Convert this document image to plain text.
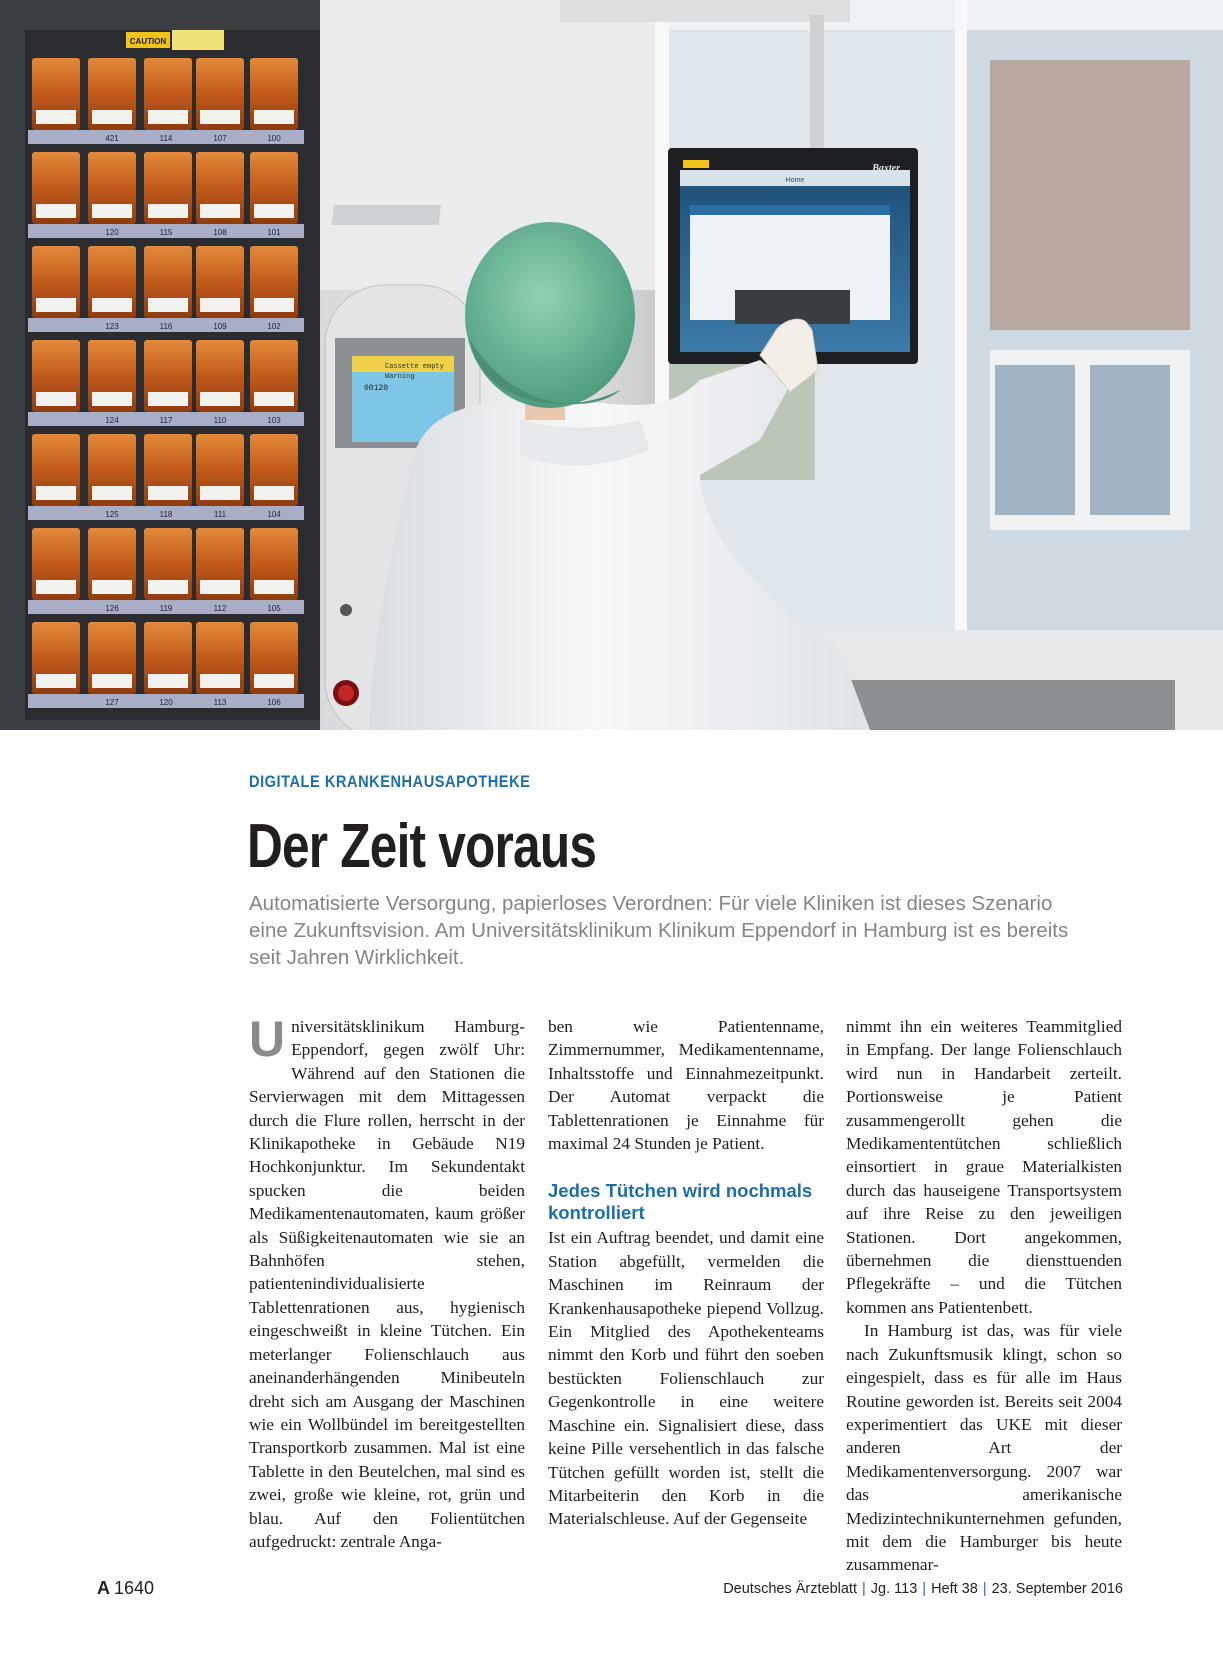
421	114	107	100
120	115	108	101
123	116	109	102
124	117	110	103
125	118	111	104
126	119	112	105
127	120	113	106
CAUTION
Cassette empty
Warning
00120
Baxter
Home
DIGITALE KRANKENHAUSAPOTHEKE
Der Zeit voraus
Automatisierte Versorgung, papierloses Verordnen: Für viele Kliniken ist dieses Szenario eine Zukunftsvision. Am Universitätsklinikum Klinikum Eppendorf in Hamburg ist es bereits seit Jahren Wirklichkeit.
U niversitätsklinikum Hamburg-Eppendorf, gegen zwölf Uhr: Während auf den Stationen die Servierwagen mit dem Mittagessen durch die Flure rollen, herrscht in der Klinikapotheke in Gebäude N19 Hochkonjunktur. Im Sekundentakt spucken die beiden Medikamentenautomaten, kaum größer als Süßigkeitenautomaten wie sie an Bahnhöfen stehen, patientenindividualisierte Tablettenrationen aus, hygienisch eingeschweißt in kleine Tütchen. Ein meterlanger Folienschlauch aus aneinanderhängenden Minibeuteln dreht sich am Ausgang der Maschinen wie ein Wollbündel im bereitgestellten Transportkorb zusammen. Mal ist eine Tablette in den Beutelchen, mal sind es zwei, große wie kleine, rot, grün und blau. Auf den Folientütchen aufgedruckt: zentrale Anga-

ben wie Patientenname, Zimmernummer, Medikamentenname, Inhaltsstoffe und Einnahmezeitpunkt. Der Automat verpackt die Tablettenrationen je Einnahme für maximal 24 Stunden je Patient.

Jedes Tütchen wird nochmals kontrolliert

Ist ein Auftrag beendet, und damit eine Station abgefüllt, vermelden die Maschinen im Reinraum der Krankenhausapotheke piepend Vollzug. Ein Mitglied des Apothekenteams nimmt den Korb und führt den soeben bestückten Folienschlauch zur Gegenkontrolle in eine weitere Maschine ein. Signalisiert diese, dass keine Pille versehentlich in das falsche Tütchen gefüllt worden ist, stellt die Mitarbeiterin den Korb in die Materialschleuse. Auf der Gegenseite

nimmt ihn ein weiteres Teammitglied in Empfang. Der lange Folienschlauch wird nun in Handarbeit zerteilt. Portionsweise je Patient zusammengerollt gehen die Medikamententütchen schließlich einsortiert in graue Materialkisten durch das hauseigene Transportsystem auf ihre Reise zu den jeweiligen Stationen. Dort angekommen, übernehmen die diensttuenden Pflegekräfte – und die Tütchen kommen ans Patientenbett.

In Hamburg ist das, was für viele nach Zukunftsmusik klingt, schon so eingespielt, dass es für alle im Haus Routine geworden ist. Bereits seit 2004 experimentiert das UKE mit dieser anderen Art der Medikamentenversorgung. 2007 war das amerikanische Medizintechnikunternehmen gefunden, mit dem die Hamburger bis heute zusammenar-

A 1640	Deutsches Ärzteblatt | Jg. 113 | Heft 38 | 23. September 2016
